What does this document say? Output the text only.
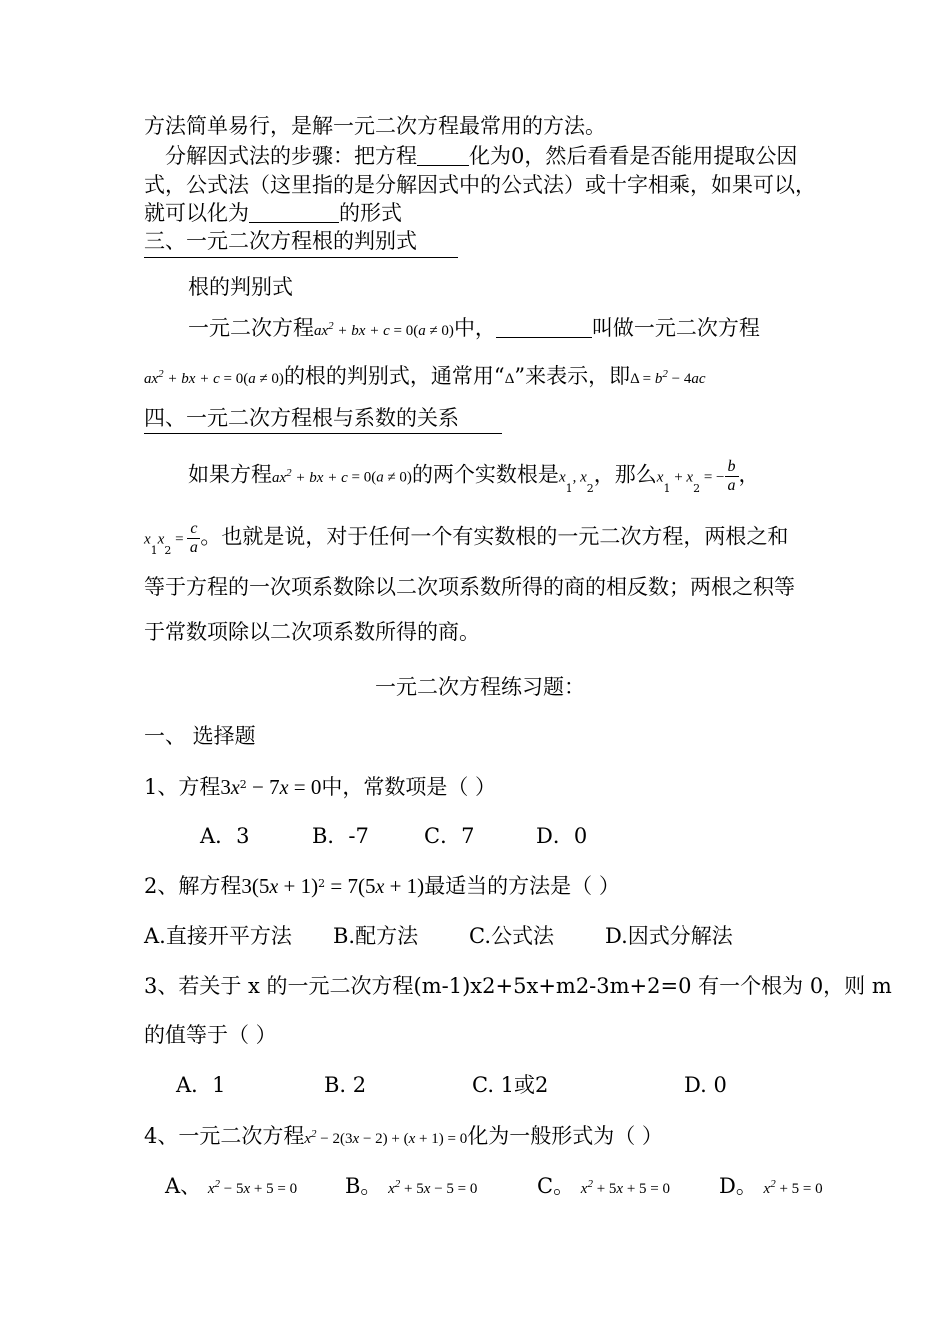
方法简单易行，是解一元二次方程最常用的方法。
分解因式法的步骤：把方程 化为0，然后看看是否能用提取公因
式，公式法（这里指的是分解因式中的公式法）或十字相乘，如果可以，
就可以化为	的形式
三、一元二次方程根的判别式
根的判别式
一元二次方程$ax^2$ + bx + c = 0(a ≠ 0)中，	叫做一元二次方程
$ax^2$ + bx + c = 0(a ≠ 0)的根的判别式，通常用“Δ”来表示，即$\Delta = b^2 - 4ac$
四、一元二次方程根与系数的关系
如果方程$ax^2$ + bx + c = 0(a ≠ 0)的两个实数根是$x_1$, $x_2$，那么$x_1 + x_2$ = − $\frac{b}{a}$ ，
$x_1x_2 = \frac{c}{a}$ 。也就是说，对于任何一个有实数根的一元二次方程，两根之和
等于方程的一次项系数除以二次项系数所得的商的相反数；两根之积等
于常数项除以二次项系数所得的商。
一元二次方程练习题：
一、 选择题
1、方程$3x^2 - 7x = 0$中，常数项是（ ）
A．3	B．-7	C．7	D．0
2、解方程$3(5x + 1)^2 = 7(5x + 1)$最适当的方法是（ ）
A.直接开平方法 B.配方法 C.公式法 D.因式分解法
3、若关于 x 的一元二次方程(m-1)x2+5x+m2-3m+2=0 有一个根为 0，则 m
的值等于（ ）
A．1	B. 2	C. 1或2	D. 0
4、一元二次方程$x^2 - 2(3x - 2) + (x + 1) = 0$化为一般形式为（ ）
A、 $x^2 - 5x + 5 = 0$ B。 $x^2 + 5x - 5 = 0$	C。 $x^2 + 5x + 5 = 0$ D。 $x^2 + 5 = 0$
